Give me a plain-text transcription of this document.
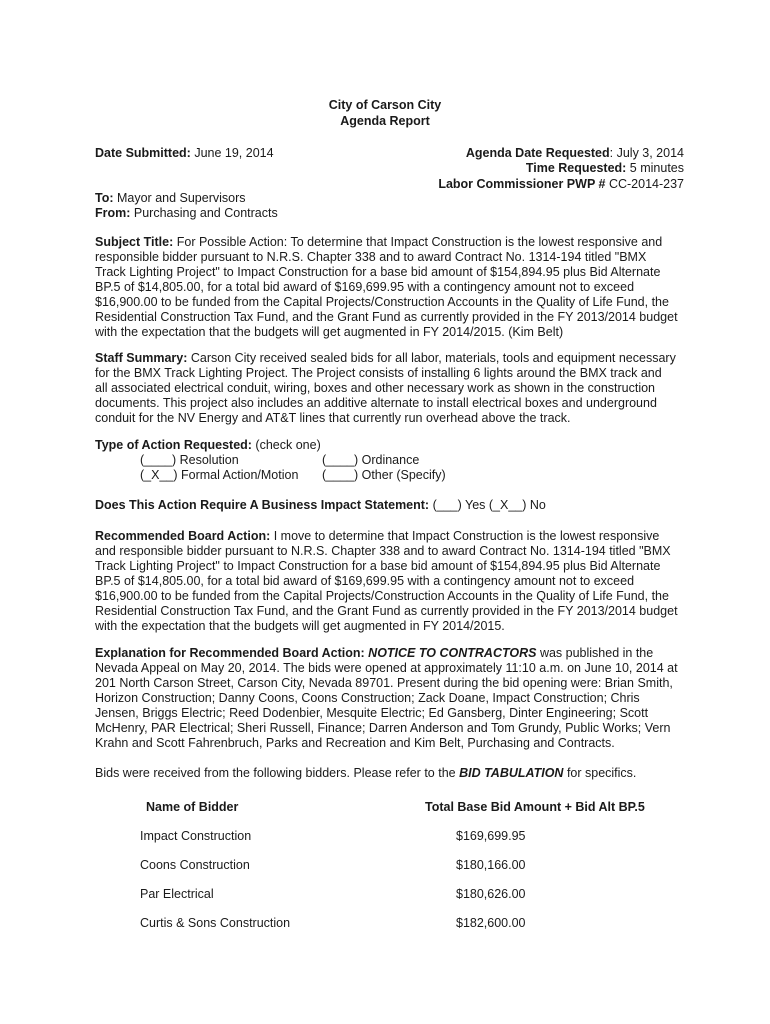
City of Carson City
Agenda Report
Date Submitted: June 19, 2014	Agenda Date Requested: July 3, 2014
Time Requested: 5 minutes
Labor Commissioner PWP # CC-2014-237
To: Mayor and Supervisors
From: Purchasing and Contracts
Subject Title: For Possible Action: To determine that Impact Construction is the lowest responsive and
responsible bidder pursuant to N.R.S. Chapter 338 and to award Contract No. 1314-194 titled "BMX
Track Lighting Project" to Impact Construction for a base bid amount of $154,894.95 plus Bid Alternate
BP.5 of $14,805.00, for a total bid award of $169,699.95 with a contingency amount not to exceed
$16,900.00 to be funded from the Capital Projects/Construction Accounts in the Quality of Life Fund, the
Residential Construction Tax Fund, and the Grant Fund as currently provided in the FY 2013/2014 budget
with the expectation that the budgets will get augmented in FY 2014/2015. (Kim Belt)
Staff Summary: Carson City received sealed bids for all labor, materials, tools and equipment necessary
for the BMX Track Lighting Project. The Project consists of installing 6 lights around the BMX track and
all associated electrical conduit, wiring, boxes and other necessary work as shown in the construction
documents. This project also includes an additive alternate to install electrical boxes and underground
conduit for the NV Energy and AT&T lines that currently run overhead above the track.
Type of Action Requested: (check one)
(____) Resolution	(____) Ordinance
(_X__) Formal Action/Motion (____) Other (Specify)
Does This Action Require A Business Impact Statement: (___) Yes (_X__) No
Recommended Board Action: I move to determine that Impact Construction is the lowest responsive
and responsible bidder pursuant to N.R.S. Chapter 338 and to award Contract No. 1314-194 titled "BMX
Track Lighting Project" to Impact Construction for a base bid amount of $154,894.95 plus Bid Alternate
BP.5 of $14,805.00, for a total bid award of $169,699.95 with a contingency amount not to exceed
$16,900.00 to be funded from the Capital Projects/Construction Accounts in the Quality of Life Fund, the
Residential Construction Tax Fund, and the Grant Fund as currently provided in the FY 2013/2014 budget
with the expectation that the budgets will get augmented in FY 2014/2015.
Explanation for Recommended Board Action: NOTICE TO CONTRACTORS was published in the
Nevada Appeal on May 20, 2014. The bids were opened at approximately 11:10 a.m. on June 10, 2014 at
201 North Carson Street, Carson City, Nevada 89701. Present during the bid opening were: Brian Smith,
Horizon Construction; Danny Coons, Coons Construction; Zack Doane, Impact Construction; Chris
Jensen, Briggs Electric; Reed Dodenbier, Mesquite Electric; Ed Gansberg, Dinter Engineering; Scott
McHenry, PAR Electrical; Sheri Russell, Finance; Darren Anderson and Tom Grundy, Public Works; Vern
Krahn and Scott Fahrenbruch, Parks and Recreation and Kim Belt, Purchasing and Contracts.
Bids were received from the following bidders. Please refer to the BID TABULATION for specifics.
Name of Bidder	Total Base Bid Amount + Bid Alt BP.5
Impact Construction	$169,699.95
Coons Construction	$180,166.00
Par Electrical	$180,626.00
Curtis & Sons Construction	$182,600.00
